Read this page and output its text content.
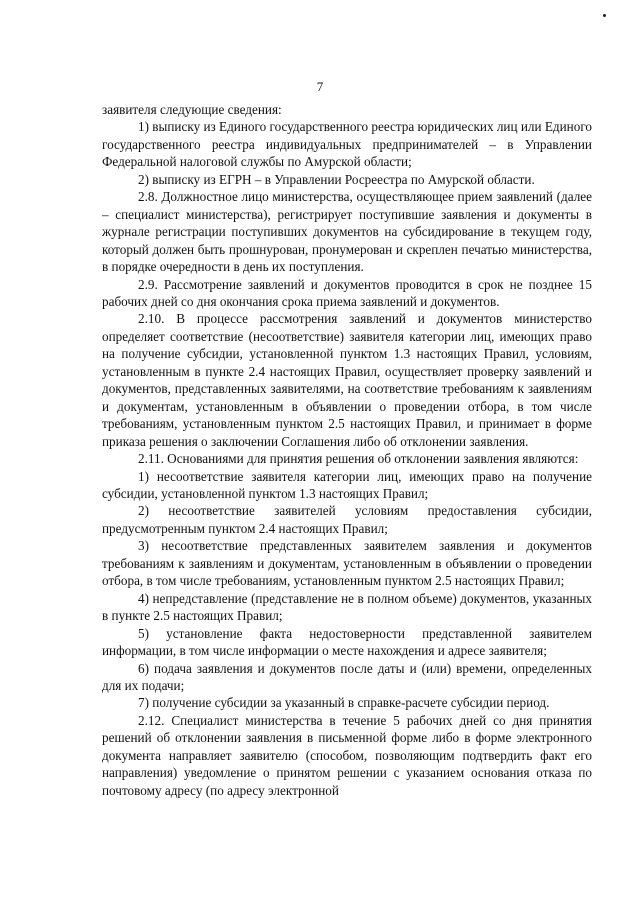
7

заявителя следующие сведения:

1) выписку из Единого государственного реестра юридических лиц или Единого государственного реестра индивидуальных предпринимателей – в Управлении Федеральной налоговой службы по Амурской области;

2) выписку из ЕГРН – в Управлении Росреестра по Амурской области.

2.8. Должностное лицо министерства, осуществляющее прием заявлений (далее – специалист министерства), регистрирует поступившие заявления и документы в журнале регистрации поступивших документов на субсидирование в текущем году, который должен быть прошнурован, пронумерован и скреплен печатью министерства, в порядке очередности в день их поступления.

2.9. Рассмотрение заявлений и документов проводится в срок не позднее 15 рабочих дней со дня окончания срока приема заявлений и документов.

2.10. В процессе рассмотрения заявлений и документов министерство определяет соответствие (несоответствие) заявителя категории лиц, имеющих право на получение субсидии, установленной пунктом 1.3 настоящих Правил, условиям, установленным в пункте 2.4 настоящих Правил, осуществляет проверку заявлений и документов, представленных заявителями, на соответствие требованиям к заявлениям и документам, установленным в объявлении о проведении отбора, в том числе требованиям, установленным пунктом 2.5 настоящих Правил, и принимает в форме приказа решения о заключении Соглашения либо об отклонении заявления.

2.11. Основаниями для принятия решения об отклонении заявления являются:

1) несоответствие заявителя категории лиц, имеющих право на получение субсидии, установленной пунктом 1.3 настоящих Правил;

2) несоответствие заявителей условиям предоставления субсидии, предусмотренным пунктом 2.4 настоящих Правил;

3) несоответствие представленных заявителем заявления и документов требованиям к заявлениям и документам, установленным в объявлении о проведении отбора, в том числе требованиям, установленным пунктом 2.5 настоящих Правил;

4) непредставление (представление не в полном объеме) документов, указанных в пункте 2.5 настоящих Правил;

5) установление факта недостоверности представленной заявителем информации, в том числе информации о месте нахождения и адресе заявителя;

6) подача заявления и документов после даты и (или) времени, определенных для их подачи;

7) получение субсидии за указанный в справке-расчете субсидии период.

2.12. Специалист министерства в течение 5 рабочих дней со дня принятия решений об отклонении заявления в письменной форме либо в форме электронного документа направляет заявителю (способом, позволяющим подтвердить факт его направления) уведомление о принятом решении с указанием основания отказа по почтовому адресу (по адресу электронной
